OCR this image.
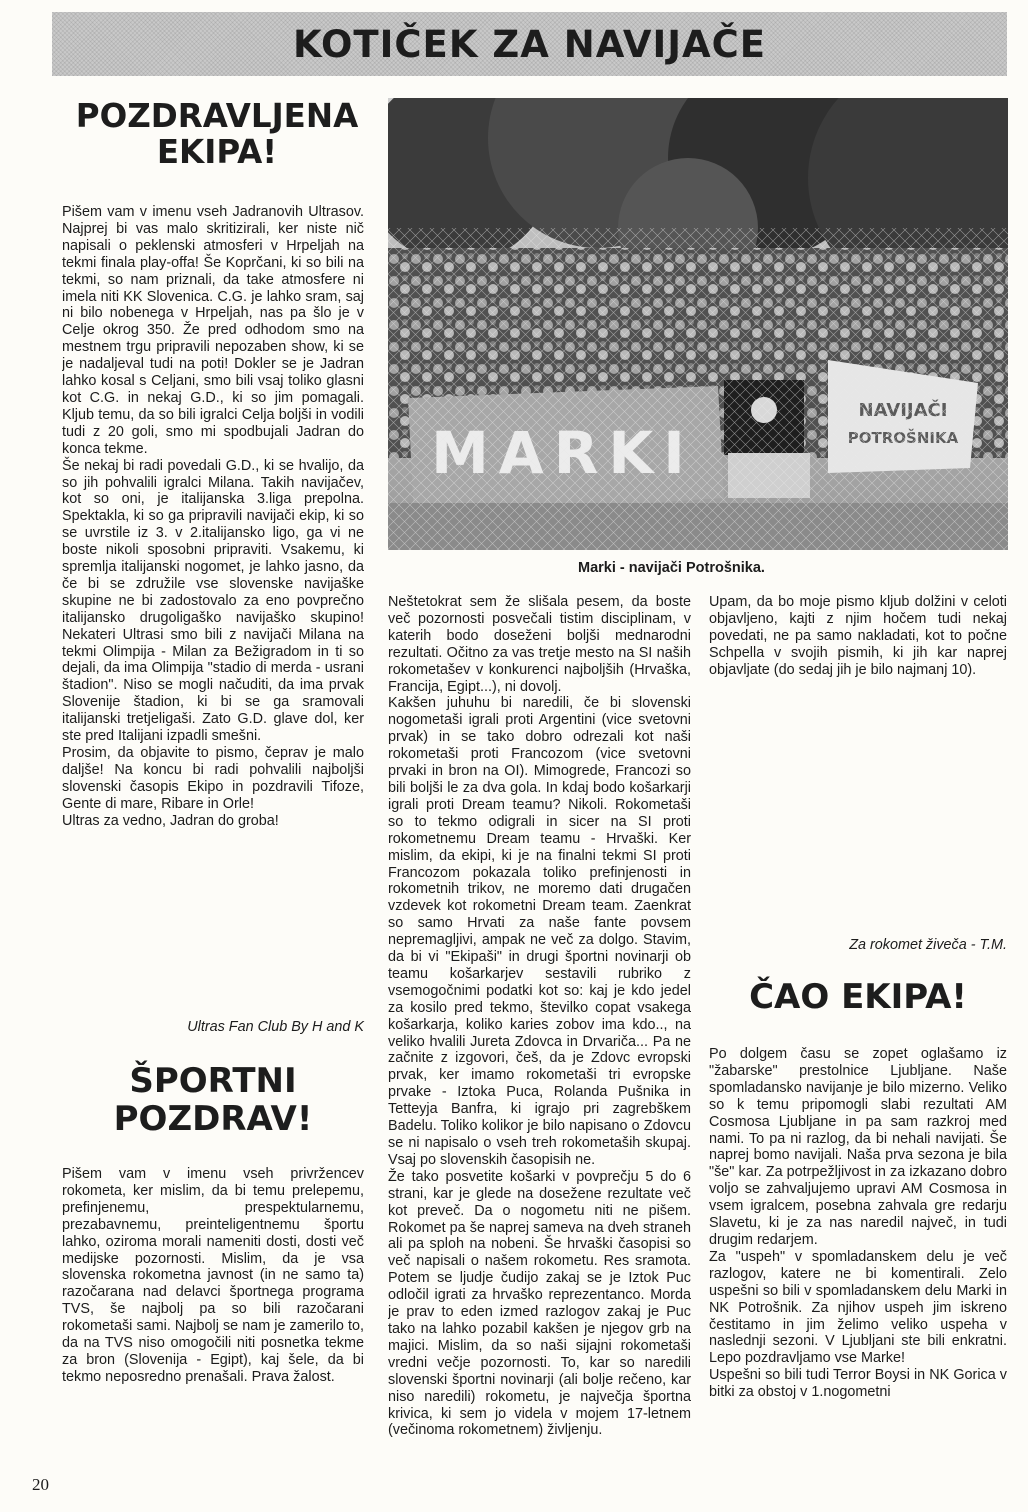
KOTIČEK ZA NAVIJAČE
POZDRAVLJENA
EKIPA!

Pišem vam v imenu vseh Jadranovih Ultrasov. Najprej bi vas malo skritizirali, ker niste nič napisali o peklenski atmosferi v Hrpeljah na tekmi finala play-offa! Še Koprčani, ki so bili na tekmi, so nam priznali, da take atmosfere ni imela niti KK Slovenica. C.G. je lahko sram, saj ni bilo nobenega v Hrpeljah, nas pa šlo je v Celje okrog 350. Že pred odhodom smo na mestnem trgu pripravili nepozaben show, ki se je nadaljeval tudi na poti! Dokler se je Jadran lahko kosal s Celjani, smo bili vsaj toliko glasni kot C.G. in nekaj G.D., ki so jim pomagali. Kljub temu, da so bili igralci Celja boljši in vodili tudi z 20 goli, smo mi spodbujali Jadran do konca tekme.

Še nekaj bi radi povedali G.D., ki se hvalijo, da so jih pohvalili igralci Milana. Takih navijačev, kot so oni, je italijanska 3.liga prepolna. Spektakla, ki so ga pripravili navijači ekip, ki so se uvrstile iz 3. v 2.italijansko ligo, ga vi ne boste nikoli sposobni pripraviti. Vsakemu, ki spremlja italijanski nogomet, je lahko jasno, da če bi se združile vse slovenske navijaške skupine ne bi zadostovalo za eno povprečno italijansko drugoligaško navijaško skupino! Nekateri Ultrasi smo bili z navijači Milana na tekmi Olimpija - Milan za Bežigradom in ti so dejali, da ima Olimpija "stadio di merda - usrani štadion". Niso se mogli načuditi, da ima prvak Slovenije štadion, ki bi se ga sramovali italijanski tretjeligaši. Zato G.D. glave dol, ker ste pred Italijani izpadli smešni.

Prosim, da objavite to pismo, čeprav je malo daljše! Na koncu bi radi pohvalili najboljši slovenski časopis Ekipo in pozdravili Tifoze, Gente di mare, Ribare in Orle!

Ultras za vedno, Jadran do groba!

Ultras Fan Club By H and K
ŠPORTNI
POZDRAV!

Pišem vam v imenu vseh privržencev rokometa, ker mislim, da bi temu prelepemu, prefinjenemu, prespektularnemu, prezabavnemu, preinteligentnemu športu lahko, oziroma morali nameniti dosti, dosti več medijske pozornosti. Mislim, da je vsa slovenska rokometna javnost (in ne samo ta) razočarana nad delavci športnega programa TVS, še najbolj pa so bili razočarani rokometaši sami. Najbolj se nam je zamerilo to, da na TVS niso omogočili niti posnetka tekme za bron (Slovenija - Egipt), kaj šele, da bi tekmo neposredno prenašali. Prava žalost.

Marki - navijači Potrošnika.

Neštetokrat sem že slišala pesem, da boste več pozornosti posvečali tistim disciplinam, v katerih bodo doseženi boljši mednarodni rezultati. Očitno za vas tretje mesto na SI naših rokometašev v konkurenci najboljših (Hrvaška, Francija, Egipt...), ni dovolj.

Kakšen juhuhu bi naredili, če bi slovenski nogometaši igrali proti Argentini (vice svetovni prvak) in se tako dobro odrezali kot naši rokometaši proti Francozom (vice svetovni prvaki in bron na OI). Mimogrede, Francozi so bili boljši le za dva gola. In kdaj bodo košarkarji igrali proti Dream teamu? Nikoli. Rokometaši so to tekmo odigrali in sicer na SI proti rokometnemu Dream teamu - Hrvaški. Ker mislim, da ekipi, ki je na finalni tekmi SI proti Francozom pokazala toliko prefinjenosti in rokometnih trikov, ne moremo dati drugačen vzdevek kot rokometni Dream team. Zaenkrat so samo Hrvati za naše fante povsem nepremagljivi, ampak ne več za dolgo. Stavim, da bi vi "Ekipaši" in drugi športni novinarji ob teamu košarkarjev sestavili rubriko z vsemogočnimi podatki kot so: kaj je kdo jedel za kosilo pred tekmo, številko copat vsakega košarkarja, koliko karies zobov ima kdo.., na veliko hvalili Jureta Zdovca in Drvariča... Pa ne začnite z izgovori, češ, da je Zdovc evropski prvak, ker imamo rokometaši tri evropske prvake - Iztoka Puca, Rolanda Pušnika in Tetteyja Banfra, ki igrajo pri zagrebškem Badelu. Toliko kolikor je bilo napisano o Zdovcu se ni napisalo o vseh treh rokometaših skupaj. Vsaj po slovenskih časopisih ne.

Že tako posvetite košarki v povprečju 5 do 6 strani, kar je glede na dosežene rezultate več kot preveč. Da o nogometu niti ne pišem. Rokomet pa še naprej sameva na dveh straneh ali pa sploh na nobeni. Še hrvaški časopisi so več napisali o našem rokometu. Res sramota. Potem se ljudje čudijo zakaj se je Iztok Puc odločil igrati za hrvaško reprezentanco. Morda je prav to eden izmed razlogov zakaj je Puc tako na lahko pozabil kakšen je njegov grb na majici. Mislim, da so naši sijajni rokometaši vredni večje pozornosti. To, kar so naredili slovenski športni novinarji (ali bolje rečeno, kar niso naredili) rokometu, je največja športna krivica, ki sem jo videla v mojem 17-letnem (večinoma rokometnem) življenju.

Upam, da bo moje pismo kljub dolžini v celoti objavljeno, kajti z njim hočem tudi nekaj povedati, ne pa samo nakladati, kot to počne Schpella v svojih pismih, ki jih kar naprej objavljate (do sedaj jih je bilo najmanj 10).

Za rokomet živeča - T.M.
ČAO EKIPA!

Po dolgem času se zopet oglašamo iz "žabarske" prestolnice Ljubljane. Naše spomladansko navijanje je bilo mizerno. Veliko so k temu pripomogli slabi rezultati AM Cosmosa Ljubljane in pa sam razkroj med nami. To pa ni razlog, da bi nehali navijati. Še naprej bomo navijali. Naša prva sezona je bila "še" kar. Za potrpežljivost in za izkazano dobro voljo se zahvaljujemo upravi AM Cosmosa in vsem igralcem, posebna zahvala gre redarju Slavetu, ki je za nas naredil največ, in tudi drugim redarjem.

Za "uspeh" v spomladanskem delu je več razlogov, katere ne bi komentirali. Zelo uspešni so bili v spomladanskem delu Marki in NK Potrošnik. Za njihov uspeh jim iskreno čestitamo in jim želimo veliko uspeha v naslednji sezoni. V Ljubljani ste bili enkratni. Lepo pozdravljamo vse Marke!

Uspešni so bili tudi Terror Boysi in NK Gorica v bitki za obstoj v 1.nogometni

20
